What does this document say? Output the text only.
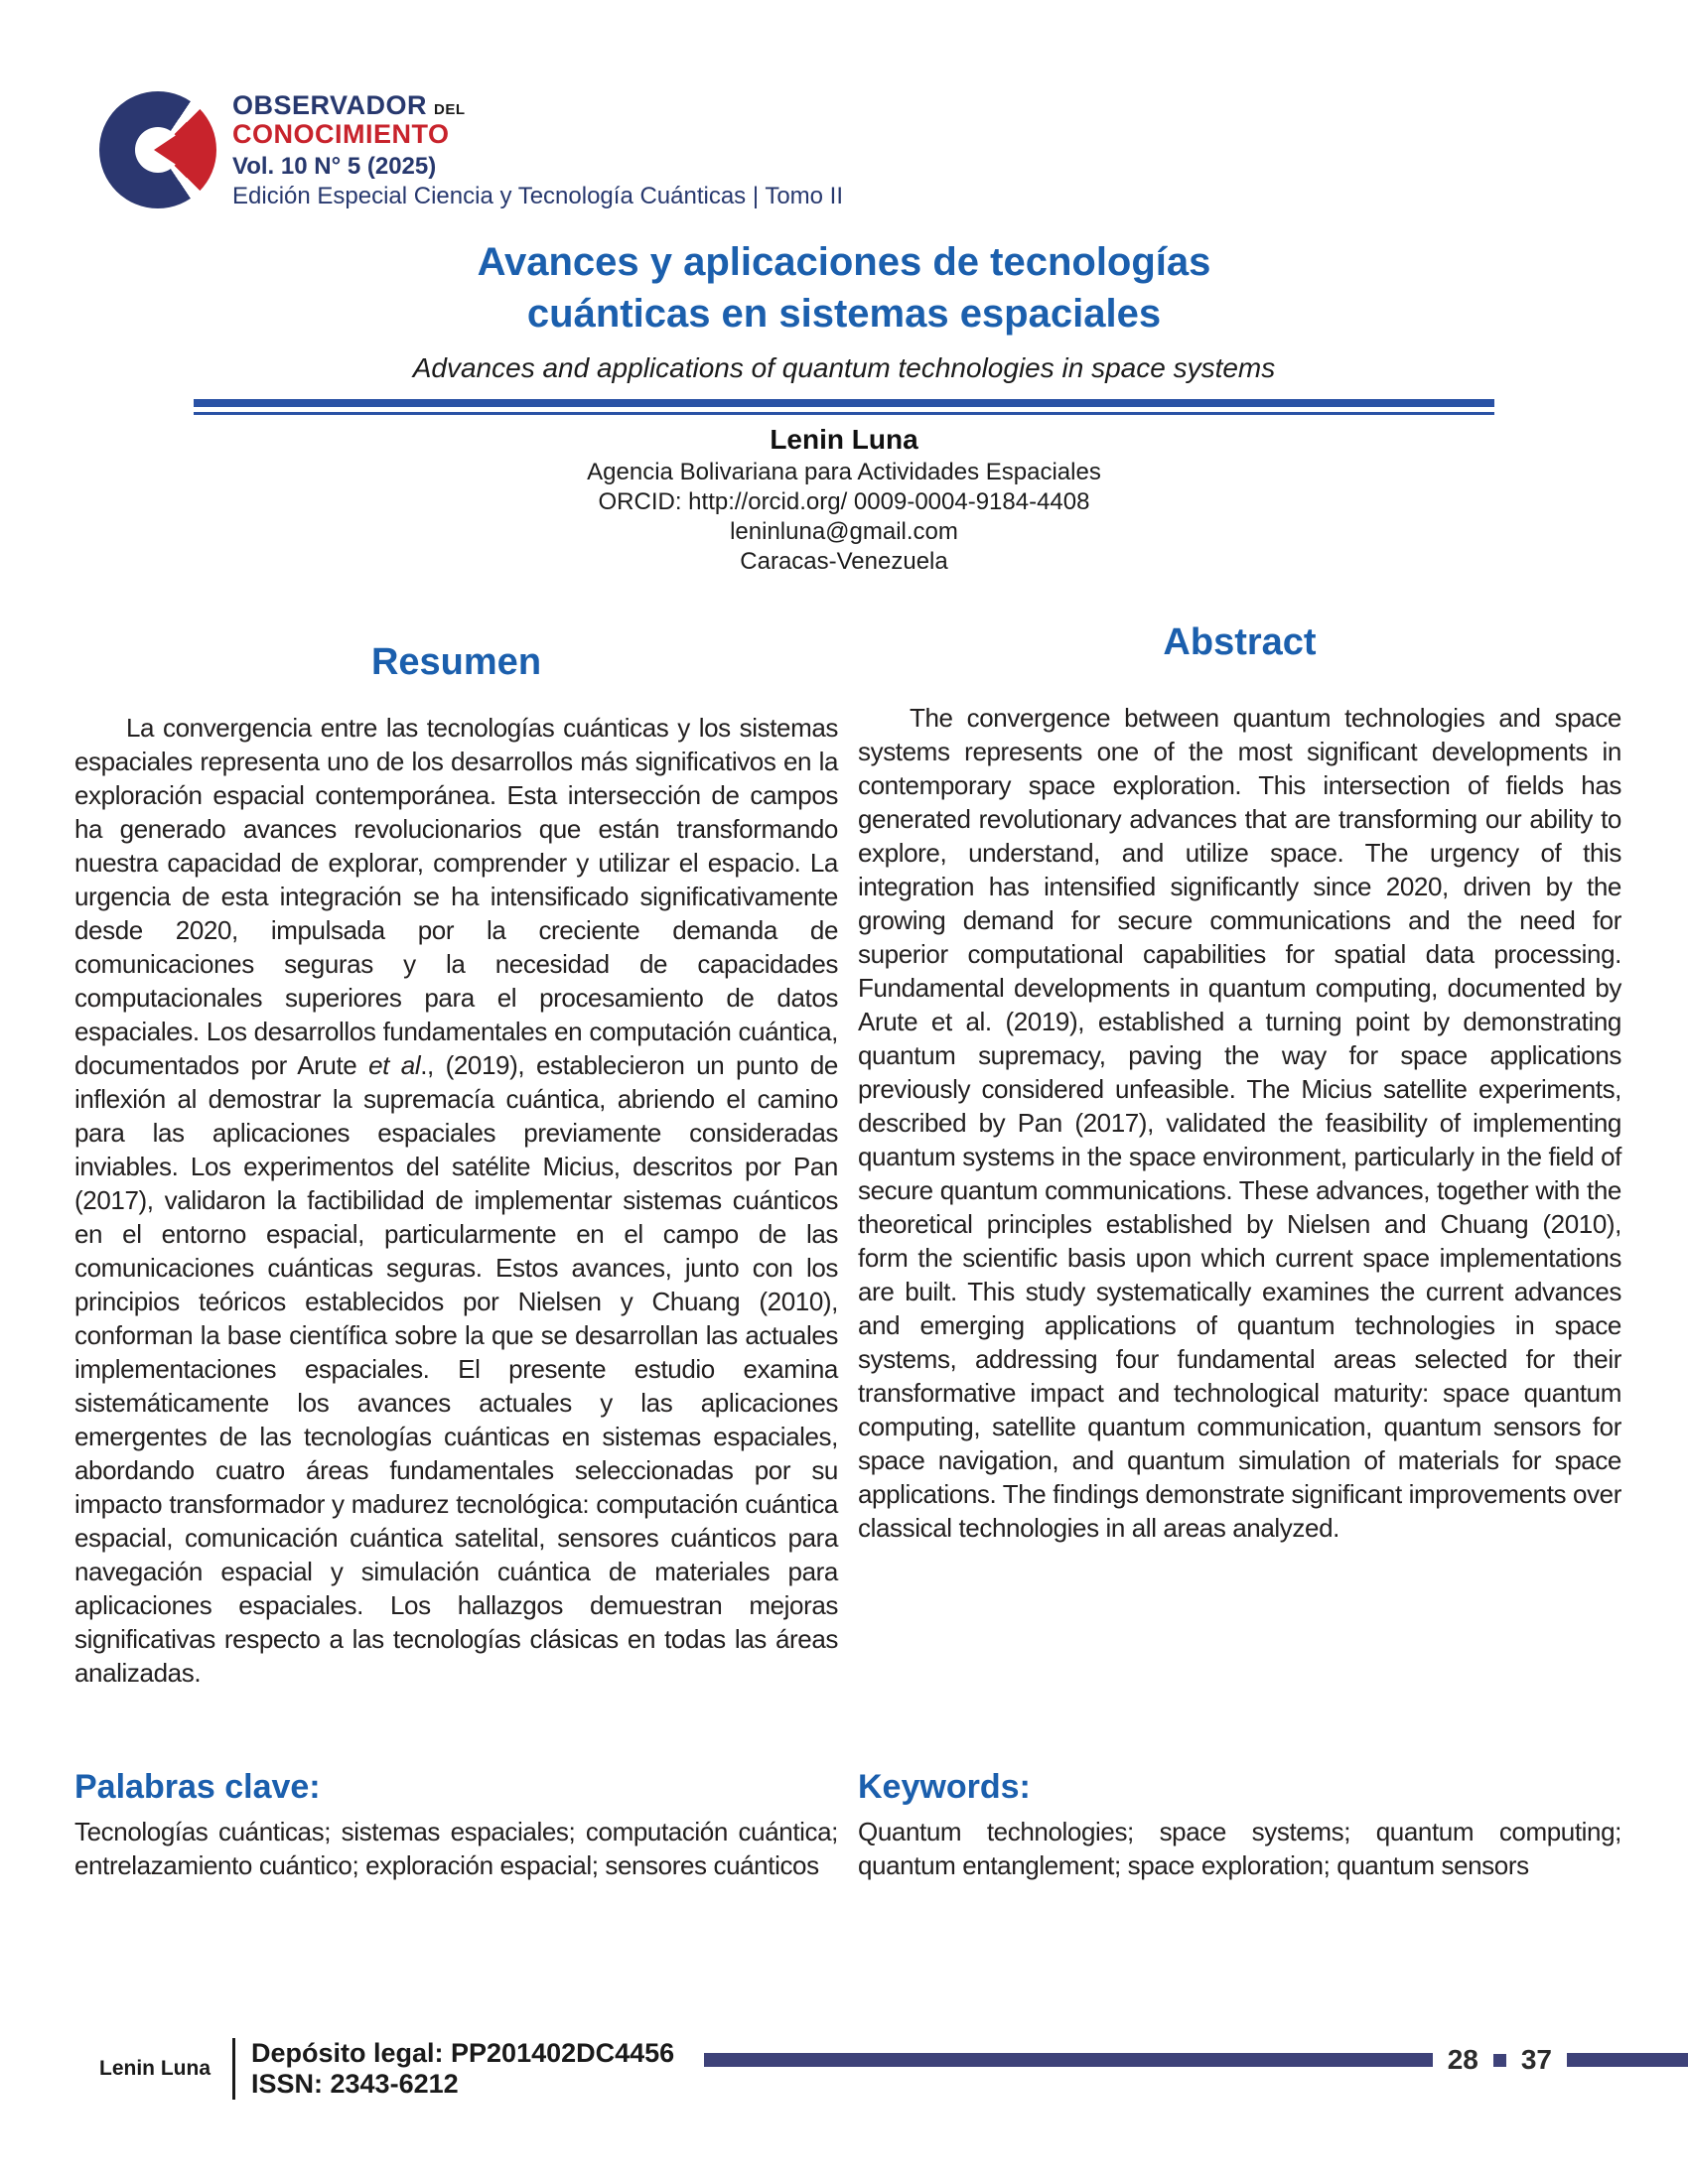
OBSERVADOR DEL
CONOCIMIENTO
Vol. 10 N° 5 (2025)
Edición Especial Ciencia y Tecnología Cuánticas | Tomo II
Avances y aplicaciones de tecnologías
cuánticas en sistemas espaciales
Advances and applications of quantum technologies in space systems
Lenin Luna
Agencia Bolivariana para Actividades Espaciales
ORCID: http://orcid.org/ 0009-0004-9184-4408
leninluna@gmail.com
Caracas-Venezuela
Resumen

La convergencia entre las tecnologías cuánticas y los sistemas espaciales representa uno de los desarrollos más significativos en la exploración espacial contemporánea. Esta intersección de campos ha generado avances revolucionarios que están transformando nuestra capacidad de explorar, comprender y utilizar el espacio. La urgencia de esta integración se ha intensificado significativamente desde 2020, impulsada por la creciente demanda de comunicaciones seguras y la necesidad de capacidades computacionales superiores para el procesamiento de datos espaciales. Los desarrollos fundamentales en computación cuántica, documentados por Arute et al., (2019), establecieron un punto de inflexión al demostrar la supremacía cuántica, abriendo el camino para las aplicaciones espaciales previamente consideradas inviables. Los experimentos del satélite Micius, descritos por Pan (2017), validaron la factibilidad de implementar sistemas cuánticos en el entorno espacial, particularmente en el campo de las comunicaciones cuánticas seguras. Estos avances, junto con los principios teóricos establecidos por Nielsen y Chuang (2010), conforman la base científica sobre la que se desarrollan las actuales implementaciones espaciales. El presente estudio examina sistemáticamente los avances actuales y las aplicaciones emergentes de las tecnologías cuánticas en sistemas espaciales, abordando cuatro áreas fundamentales seleccionadas por su impacto transformador y madurez tecnológica: computación cuántica espacial, comunicación cuántica satelital, sensores cuánticos para navegación espacial y simulación cuántica de materiales para aplicaciones espaciales. Los hallazgos demuestran mejoras significativas respecto a las tecnologías clásicas en todas las áreas analizadas.

Abstract

The convergence between quantum technologies and space systems represents one of the most significant developments in contemporary space exploration. This intersection of fields has generated revolutionary advances that are transforming our ability to explore, understand, and utilize space. The urgency of this integration has intensified significantly since 2020, driven by the growing demand for secure communications and the need for superior computational capabilities for spatial data processing. Fundamental developments in quantum computing, documented by Arute et al. (2019), established a turning point by demonstrating quantum supremacy, paving the way for space applications previously considered unfeasible. The Micius satellite experiments, described by Pan (2017), validated the feasibility of implementing quantum systems in the space environment, particularly in the field of secure quantum communications. These advances, together with the theoretical principles established by Nielsen and Chuang (2010), form the scientific basis upon which current space implementations are built. This study systematically examines the current advances and emerging applications of quantum technologies in space systems, addressing four fundamental areas selected for their transformative impact and technological maturity: space quantum computing, satellite quantum communication, quantum sensors for space navigation, and quantum simulation of materials for space applications. The findings demonstrate significant improvements over classical technologies in all areas analyzed.

Palabras clave:
Tecnologías cuánticas; sistemas espaciales; computación cuántica; entrelazamiento cuántico; exploración espacial; sensores cuánticos
Keywords:
Quantum technologies; space systems; quantum computing; quantum entanglement; space exploration; quantum sensors
Lenin Luna
Depósito legal: PP201402DC4456
ISSN: 2343-6212
28 37
